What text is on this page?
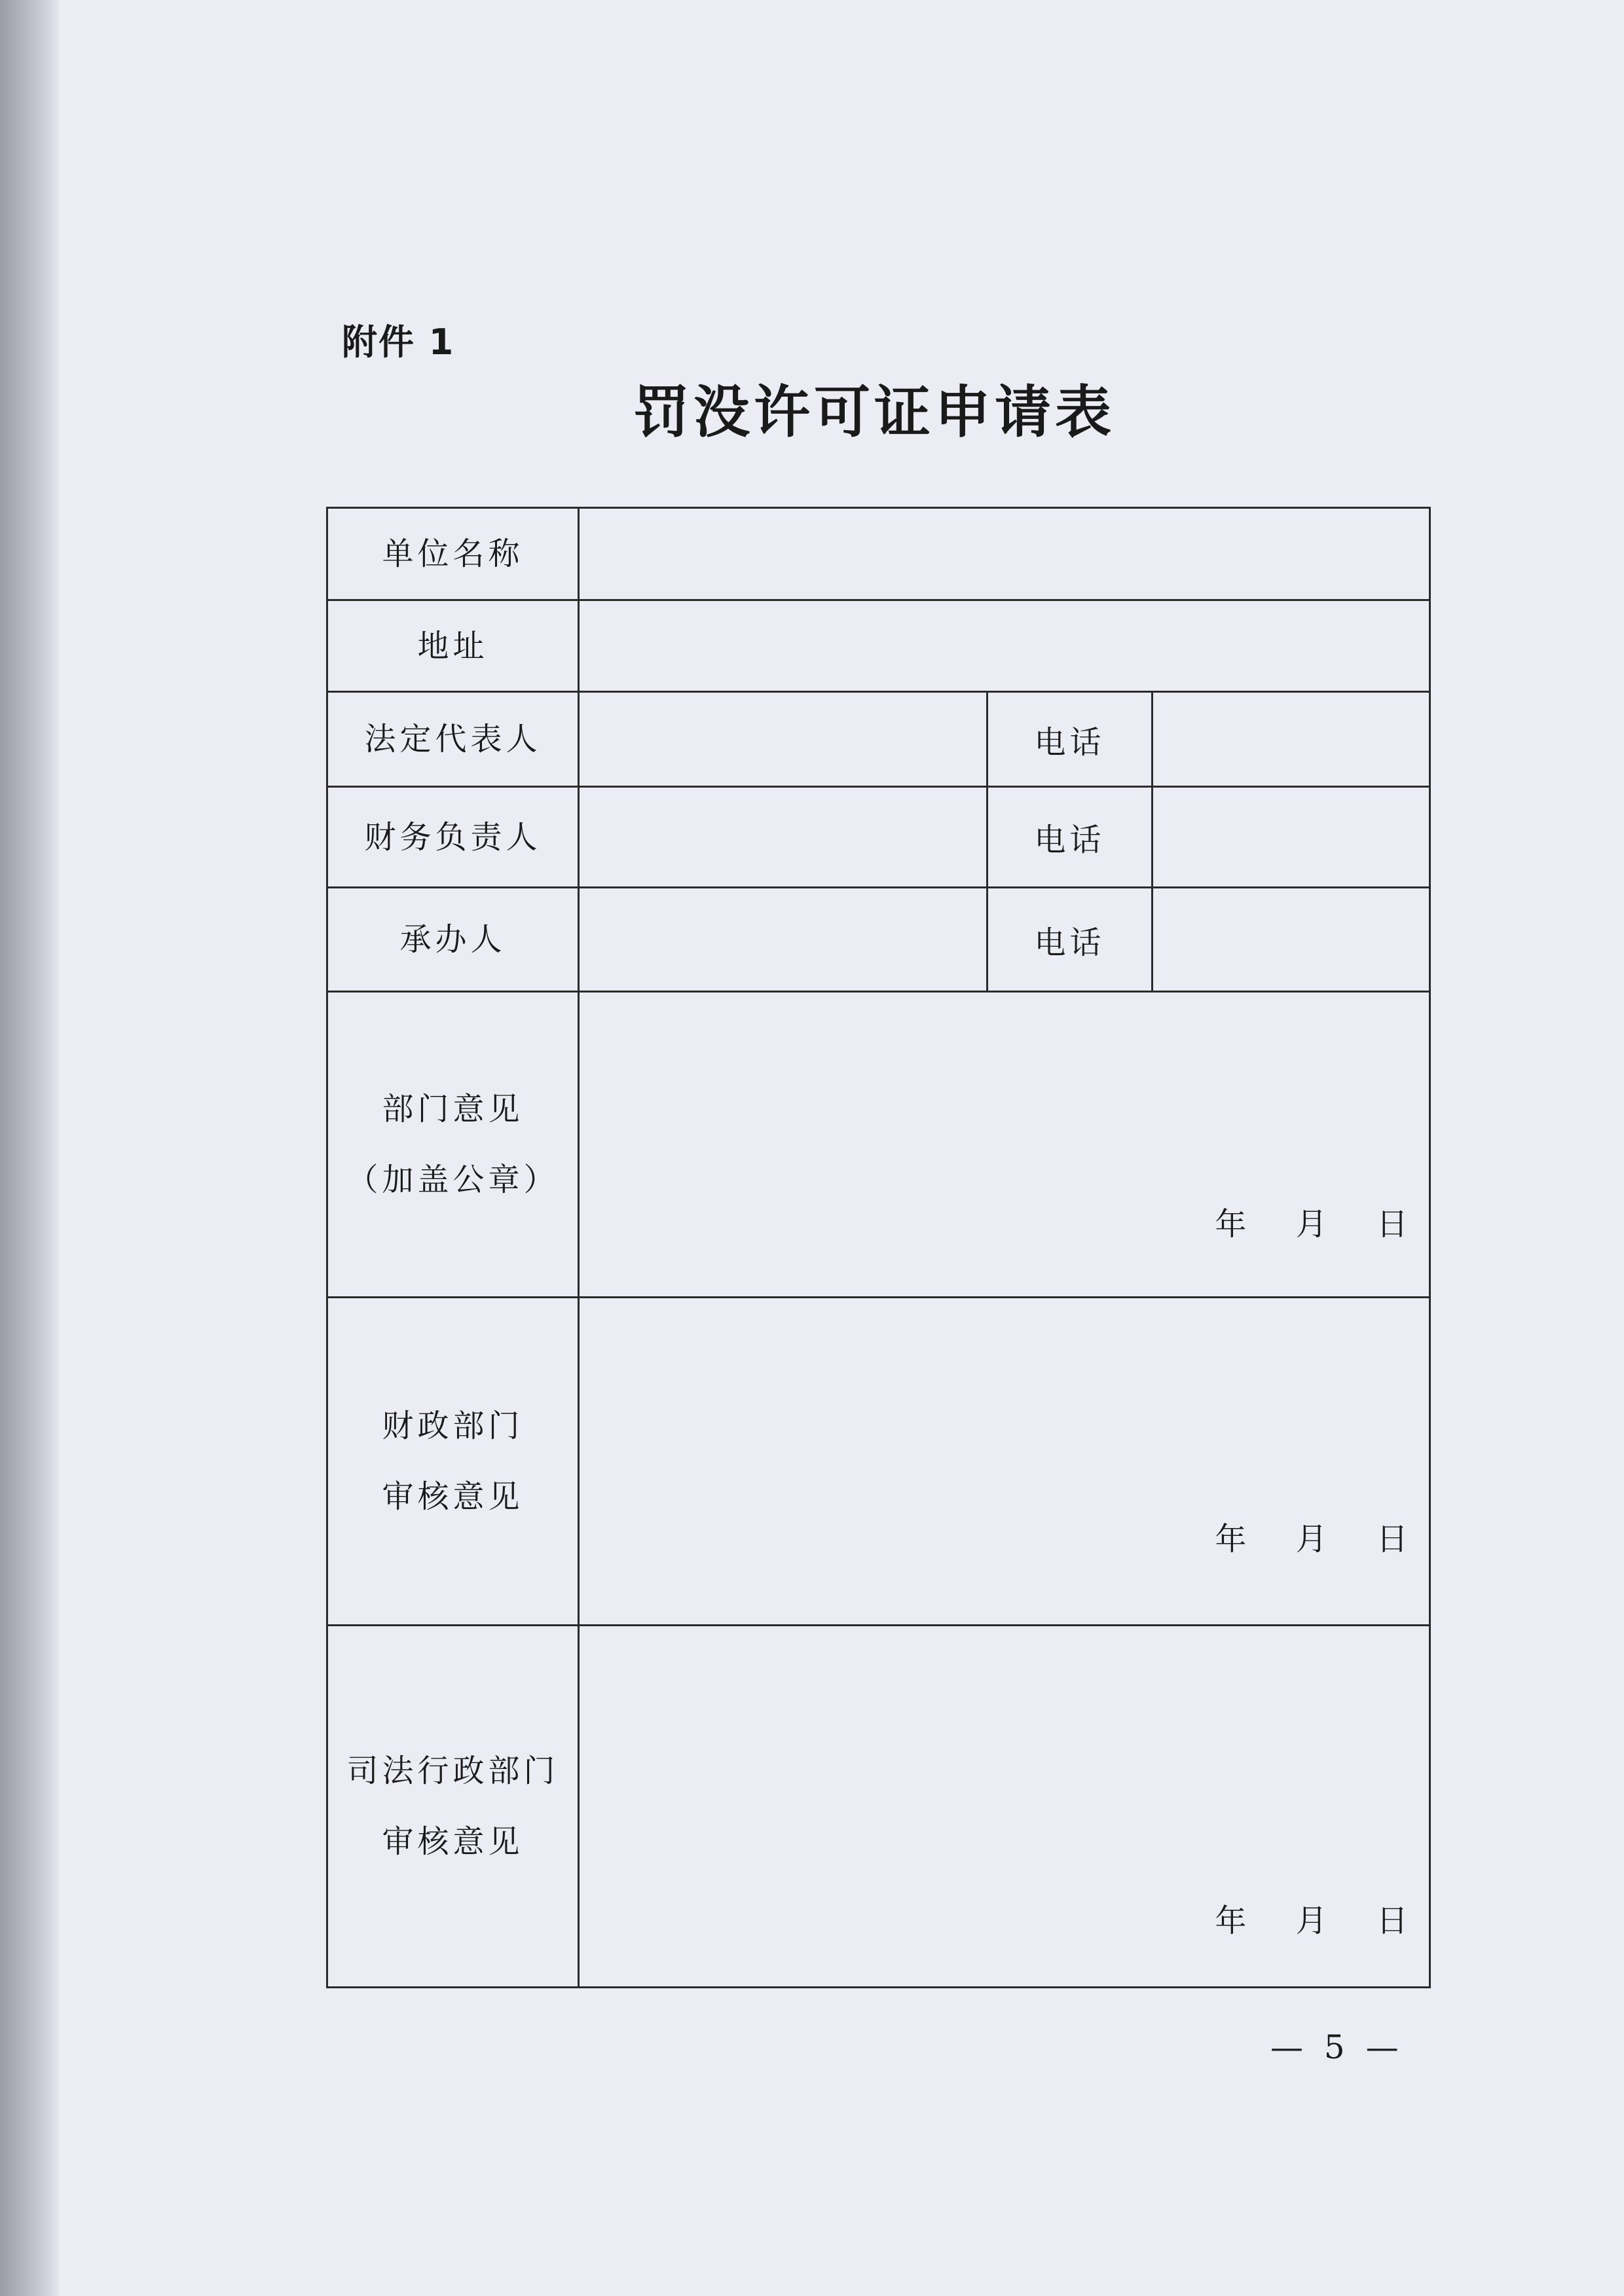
附件 1
罚没许可证申请表
单位名称			
地址			
法定代表人		电话	
财务负责人		电话	
承办人		电话	

部门意见
（加盖公章）	年 月 日		

财政部门
审核意见	年 月 日		

司法行政部门
审核意见	年 月 日		
— 5 —
